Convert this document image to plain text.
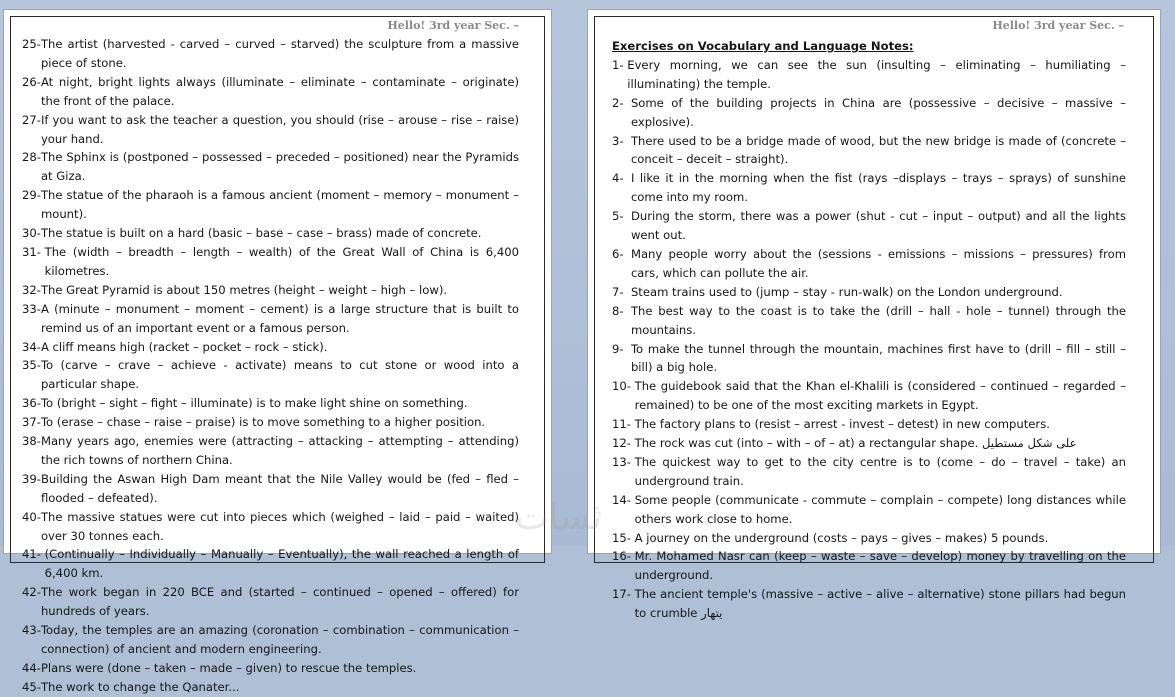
Hello! 3rd year Sec. –
25- The artist (harvested - carved – curved – starved) the sculpture from a massive piece of stone.
26- At night, bright lights always (illuminate – eliminate – contaminate – originate) the front of the palace.
27- If you want to ask the teacher a question, you should (rise – arouse – rise – raise) your hand.
28- The Sphinx is (postponed – possessed – preceded – positioned) near the Pyramids at Giza.
29- The statue of the pharaoh is a famous ancient (moment – memory – monument – mount).
30- The statue is built on a hard (basic – base – case – brass) made of concrete.
31- The (width – breadth – length – wealth) of the Great Wall of China is 6,400 kilometres.
32- The Great Pyramid is about 150 metres (height – weight – high – low).
33- A (minute – monument – moment – cement) is a large structure that is built to remind us of an important event or a famous person.
34- A cliff means high (racket – pocket – rock – stick).
35- To (carve – crave – achieve - activate) means to cut stone or wood into a particular shape.
36- To (bright – sight – fight – illuminate) is to make light shine on something.
37- To (erase – chase – raise – praise) is to move something to a higher position.
38- Many years ago, enemies were (attracting – attacking – attempting – attending) the rich towns of northern China.
39- Building the Aswan High Dam meant that the Nile Valley would be (fed – fled – flooded – defeated).
40- The massive statues were cut into pieces which (weighed – laid – paid – waited) over 30 tonnes each.
41- (Continually – Individually – Manually – Eventually), the wall reached a length of 6,400 km.
42- The work began in 220 BCE and (started – continued – opened – offered) for hundreds of years.
43- Today, the temples are an amazing (coronation – combination – communication – connection) of ancient and modern engineering.
44- Plans were (done – taken – made – given) to rescue the temples.
45- The work to change the Qanater...
Hello! 3rd year Sec. –
Exercises on Vocabulary and Language Notes:
1- Every morning, we can see the sun (insulting – eliminating – humiliating – illuminating) the temple.
2- Some of the building projects in China are (possessive – decisive – massive – explosive).
3- There used to be a bridge made of wood, but the new bridge is made of (concrete – conceit – deceit – straight).
4- I like it in the morning when the fist (rays –displays – trays – sprays) of sunshine come into my room.
5- During the storm, there was a power (shut - cut – input – output) and all the lights went out.
6- Many people worry about the (sessions - emissions – missions – pressures) from cars, which can pollute the air.
7- Steam trains used to (jump – stay - run-walk) on the London underground.
8- The best way to the coast is to take the (drill – hall - hole – tunnel) through the mountains.
9- To make the tunnel through the mountain, machines first have to (drill – fill – still – bill) a big hole.
10- The guidebook said that the Khan el-Khalili is (considered – continued – regarded – remained) to be one of the most exciting markets in Egypt.
11- The factory plans to (resist – arrest - invest – detest) in new computers.
12- The rock was cut (into – with – of – at) a rectangular shape. على شكل مستطيل
13- The quickest way to get to the city centre is to (come – do – travel – take) an underground train.
14- Some people (communicate - commute – complain – compete) long distances while others work close to home.
15- A journey on the underground (costs – pays – gives – makes) 5 pounds.
16- Mr. Mohamed Nasr can (keep – waste – save – develop) money by travelling on the underground.
17- The ancient temple's (massive – active – alive – alternative) stone pillars had begun to crumble يتهار
ثسات
